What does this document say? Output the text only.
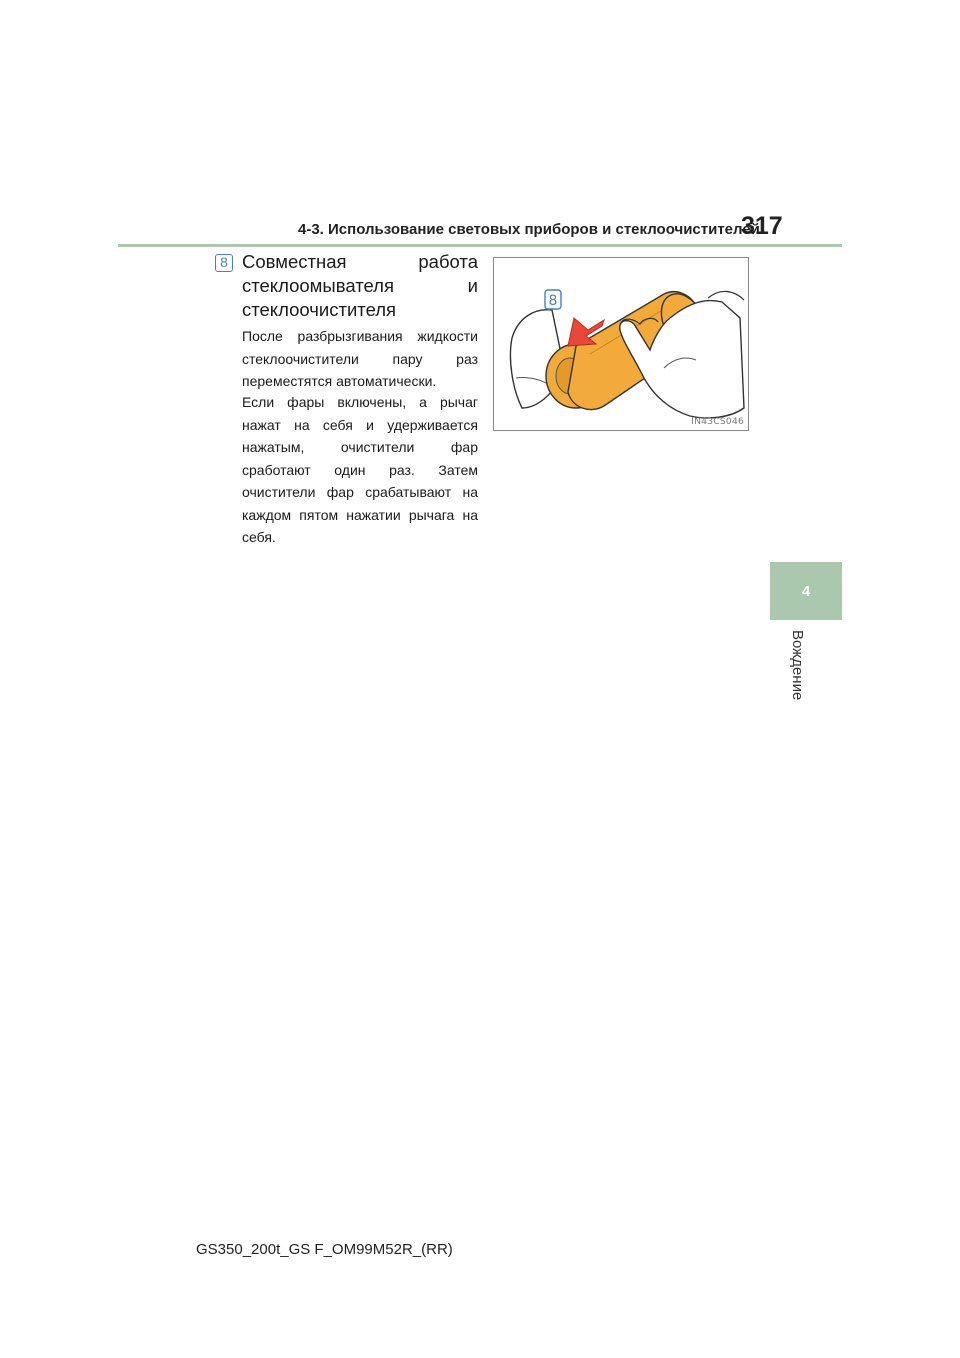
4-3. Использование световых приборов и стеклоочистителей
317
4
Вождение
8 Совместная	работа
стеклоомывателя	и
стеклоочистителя

После разбрызгивания жидкости стеклоочистители пару раз переместятся автоматически.

Если фары включены, а рычаг нажат на себя и удерживается нажатым, очистители фар сработают один раз. Затем очистители фар срабатывают на каждом пятом нажатии рычага на себя.

8
IN43CS046
GS350_200t_GS F_OM99M52R_(RR)
